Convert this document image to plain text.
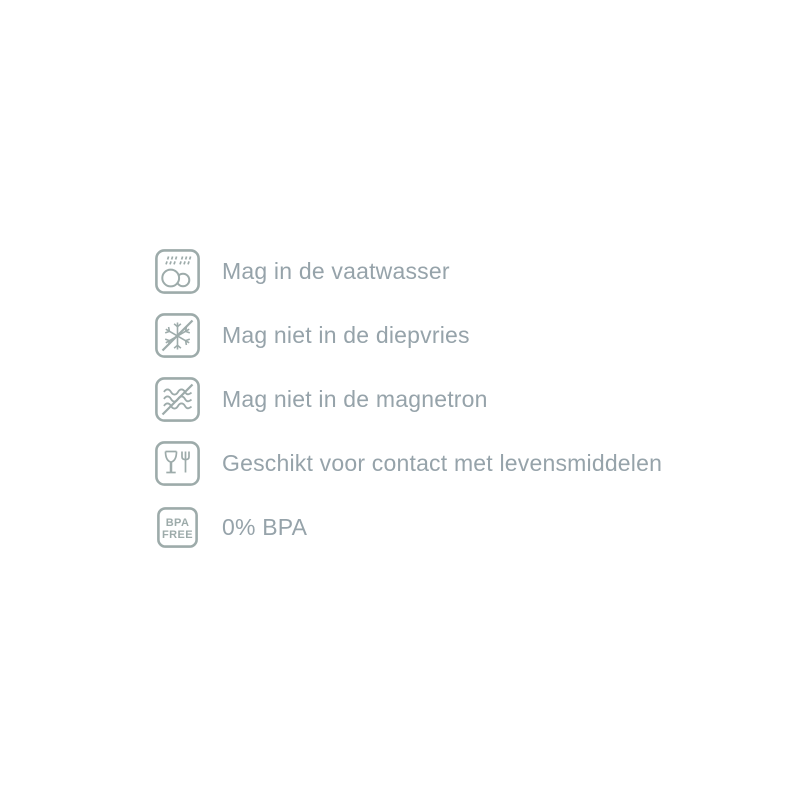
Mag in de vaatwasser
Mag niet in de diepvries
Mag niet in de magnetron
Geschikt voor contact met levensmiddelen
BPA
FREE 0% BPA
